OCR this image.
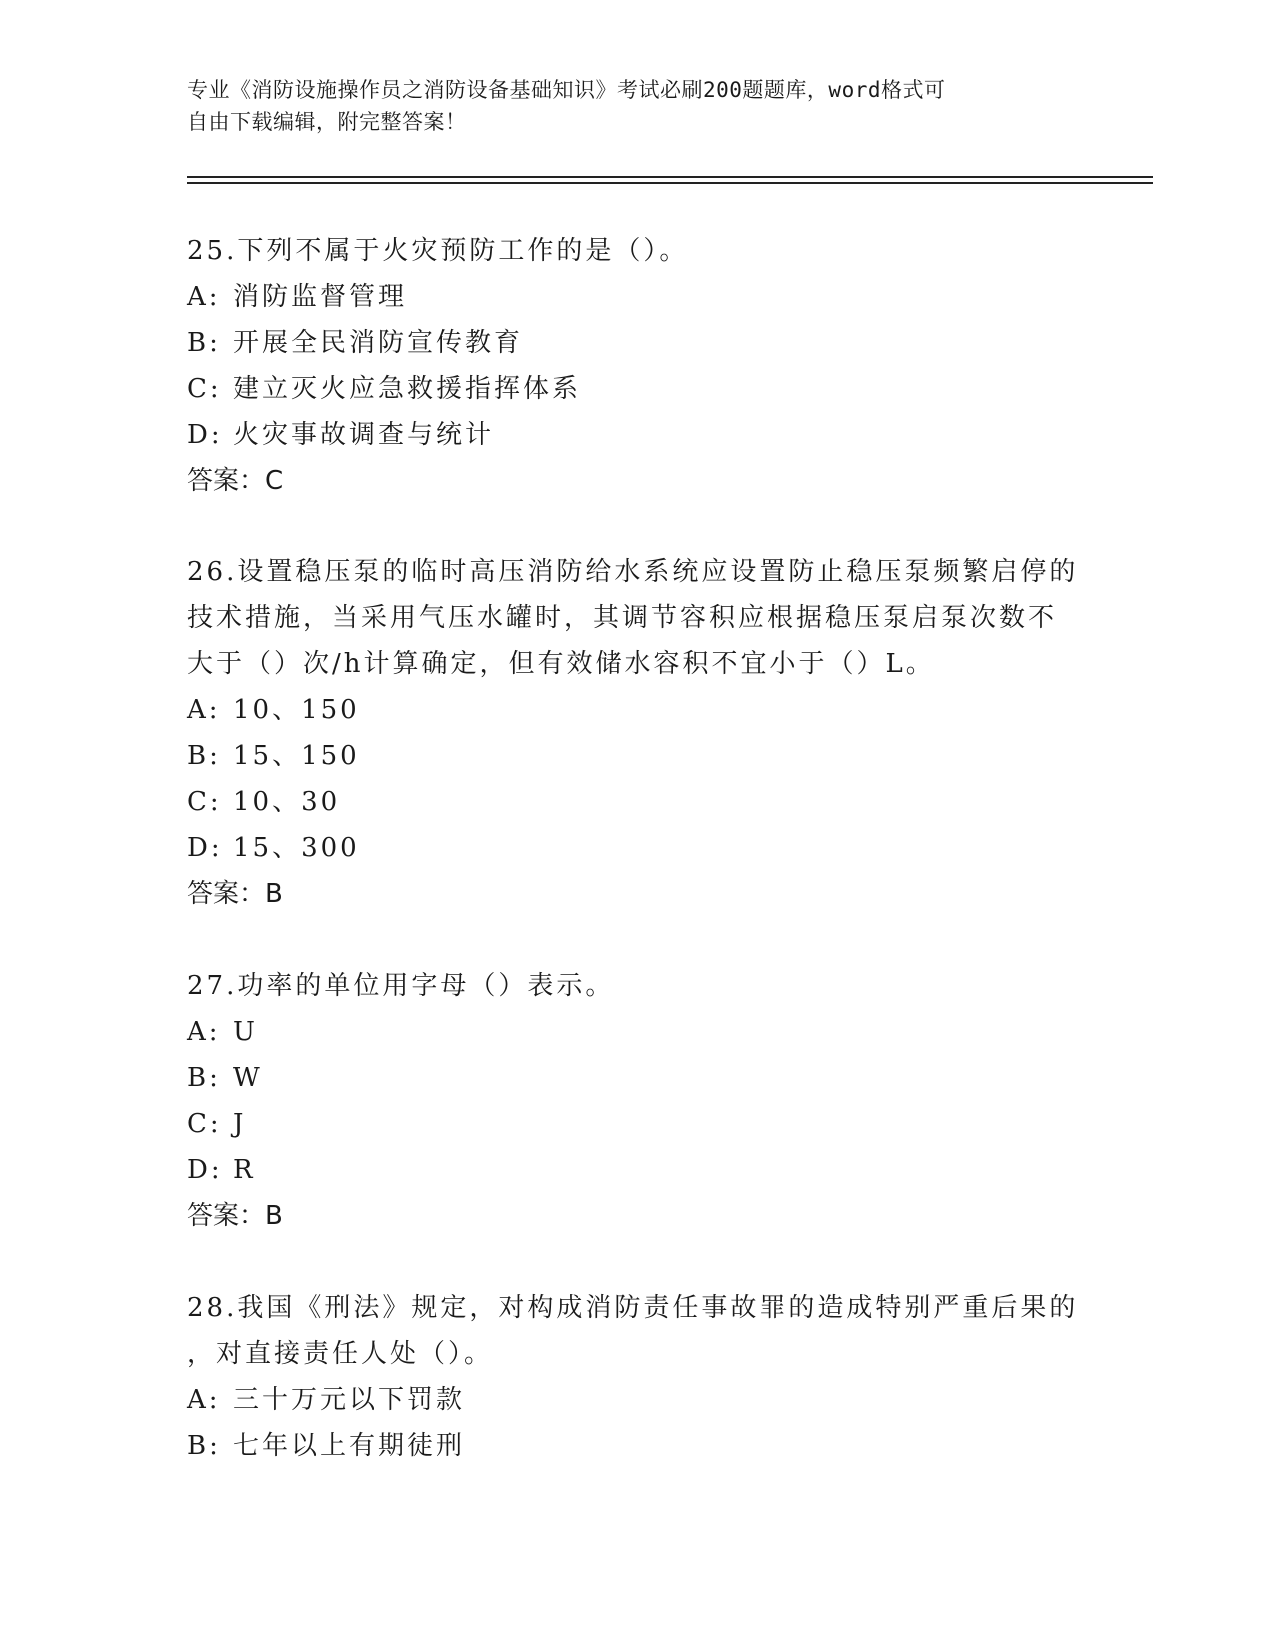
专业《消防设施操作员之消防设备基础知识》考试必刷200题题库，word格式可
自由下载编辑，附完整答案！
25.下列不属于火灾预防工作的是（）。
A: 消防监督管理
B: 开展全民消防宣传教育
C: 建立灭火应急救援指挥体系
D: 火灾事故调查与统计
答案：C
26.设置稳压泵的临时高压消防给水系统应设置防止稳压泵频繁启停的
技术措施，当采用气压水罐时，其调节容积应根据稳压泵启泵次数不
大于（）次/h计算确定，但有效储水容积不宜小于（）L。
A: 10、150
B: 15、150
C: 10、30
D: 15、300
答案：B
27.功率的单位用字母（）表示。
A: U
B: W
C: J
D: R
答案：B
28.我国《刑法》规定，对构成消防责任事故罪的造成特别严重后果的
，对直接责任人处（）。
A: 三十万元以下罚款
B: 七年以上有期徒刑
